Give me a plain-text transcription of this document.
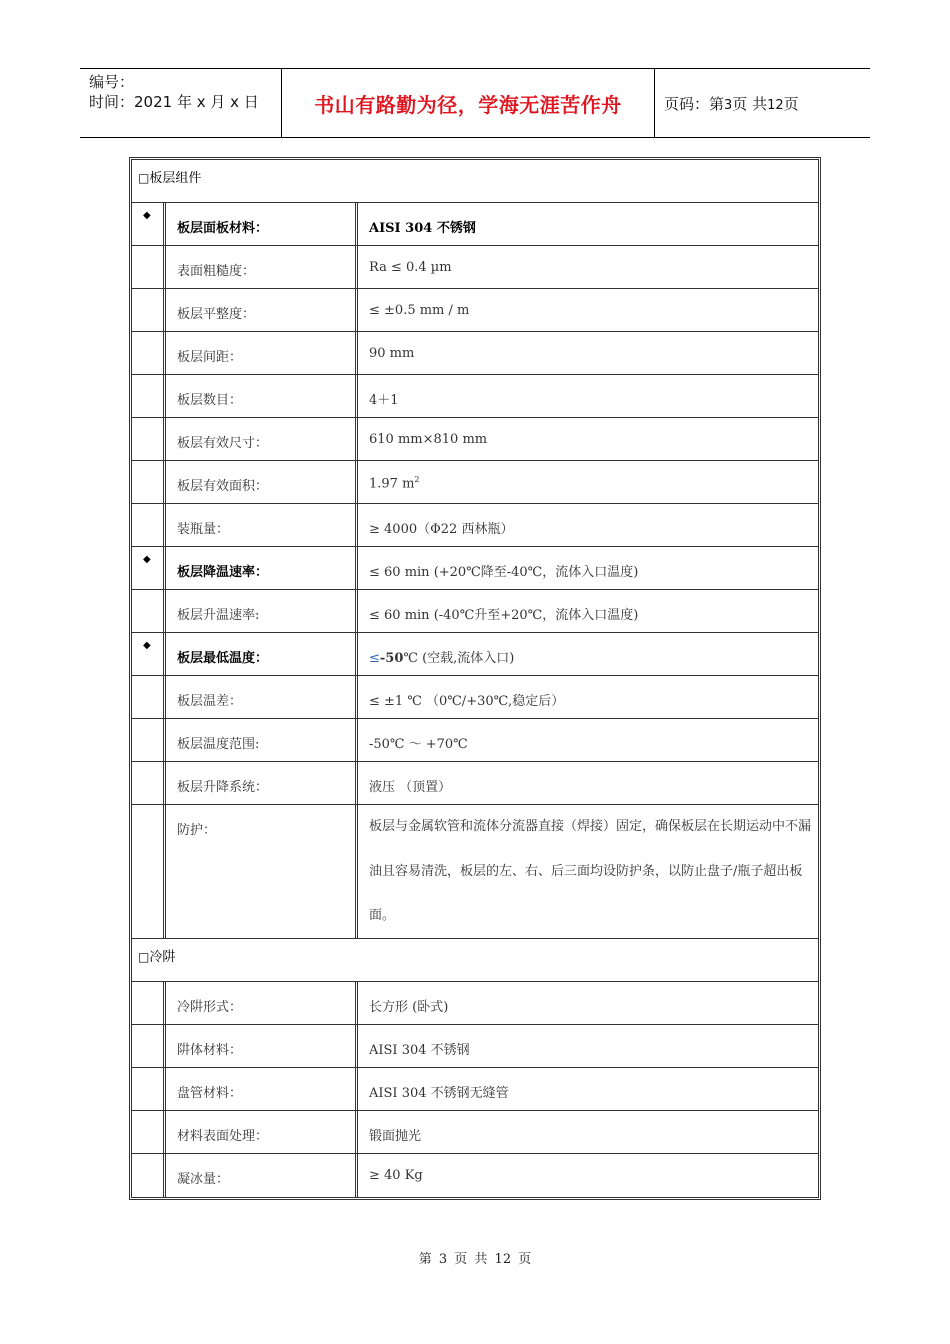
编号：
时间：2021 年 x 月 x 日	书山有路勤为径，学海无涯苦作舟	页码：第3页 共12页
□板层组件
◆
板层面板材料：	AISI 304 不锈钢
表面粗糙度：	Ra ≤ 0.4 µm
板层平整度：	≤ ±0.5 mm / m
板层间距：	90 mm
板层数目：	4＋1
板层有效尺寸：	610 mm×810 mm
板层有效面积：	1.97 $m^2$
装瓶量：	≥ 4000（Φ22 西林瓶）
◆
板层降温速率：	≤ 60 min (+20℃降至-40℃，流体入口温度)
板层升温速率:	≤ 60 min (-40℃升至+20℃，流体入口温度)
◆
板层最低温度：	≤-50℃ (空载,流体入口)
板层温差：	≤ ±1 ℃ （0℃/+30℃,稳定后）
板层温度范围:	-50℃ ～ +70℃
板层升降系统：	液压 （顶置）
防护：	板层与金属软管和流体分流器直接（焊接）固定，确保板层在长期运动中不漏油且容易清洗，板层的左、右、后三面均设防护条，以防止盘子/瓶子超出板面。
□冷阱
冷阱形式：	长方形 (卧式)
阱体材料：	AISI 304 不锈钢
盘管材料：	AISI 304 不锈钢无缝管
材料表面处理：	锻面抛光
凝冰量：	≥ 40 Kg
第 3 页 共 12 页
